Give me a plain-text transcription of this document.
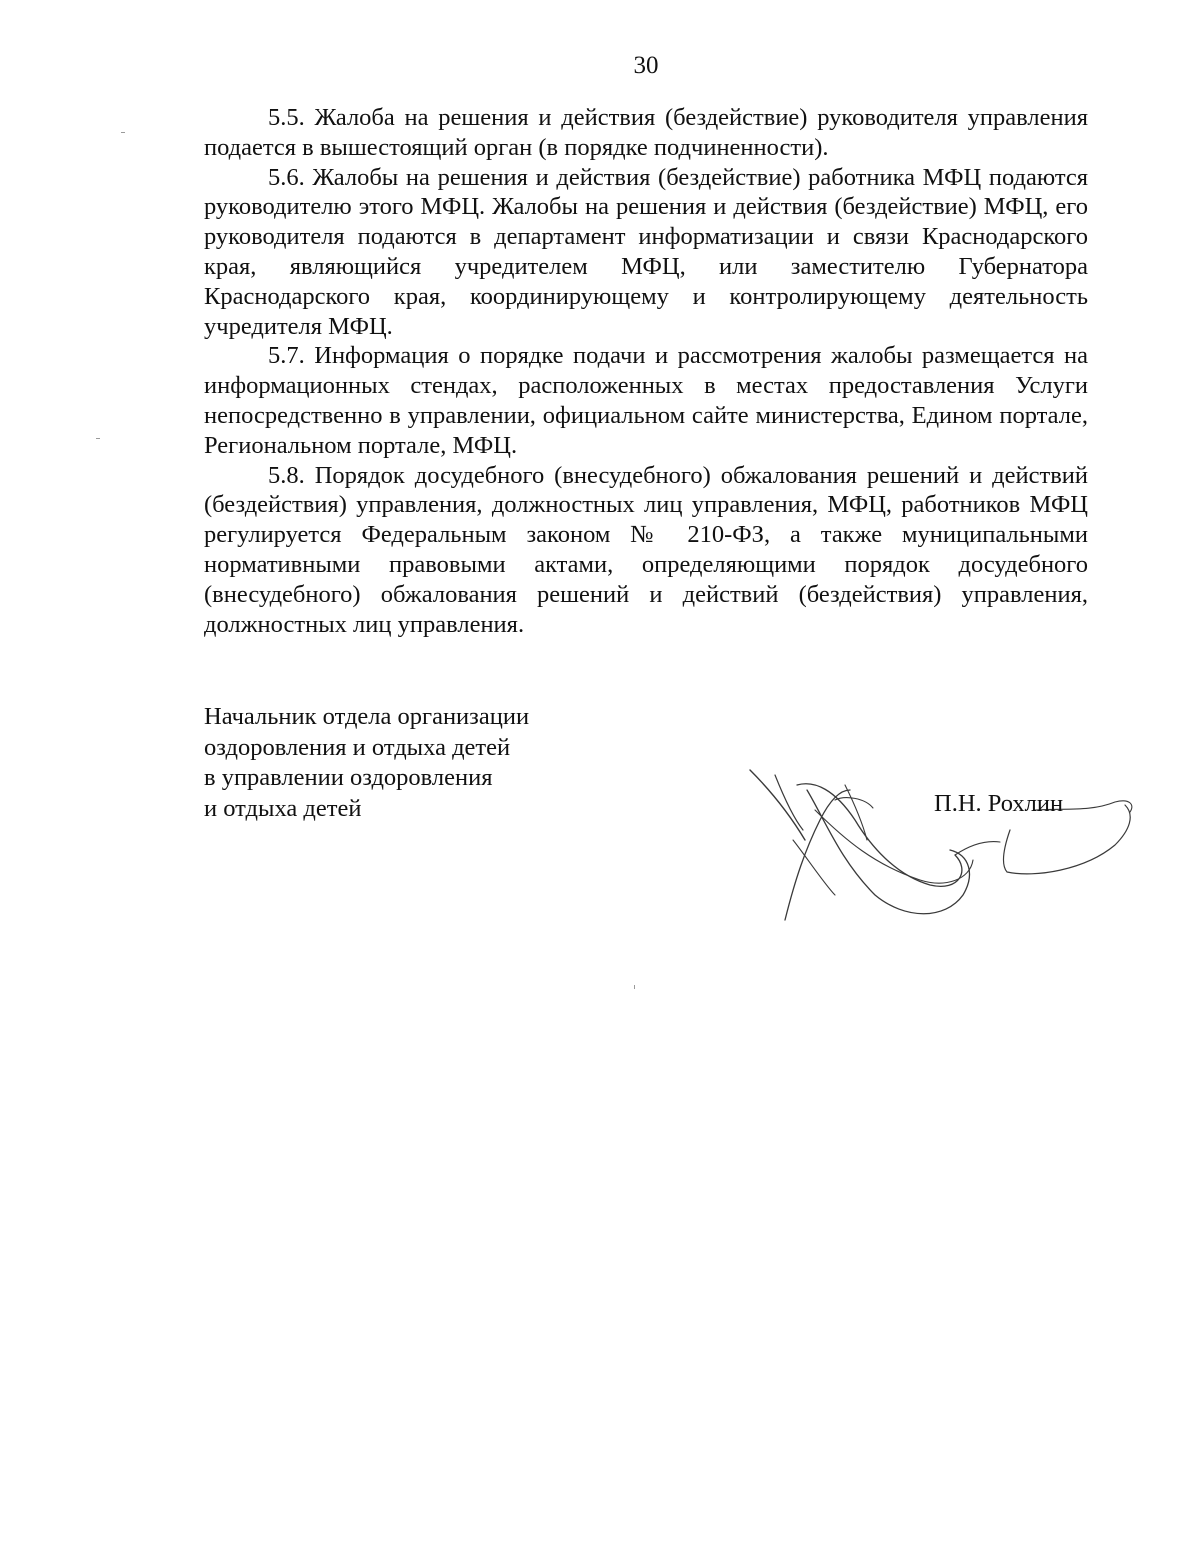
30

5.5. Жалоба на решения и действия (бездействие) руководителя управления подается в вышестоящий орган (в порядке подчиненности).

5.6. Жалобы на решения и действия (бездействие) работника МФЦ подаются руководителю этого МФЦ. Жалобы на решения и действия (бездействие) МФЦ, его руководителя подаются в департамент информатизации и связи Краснодарского края, являющийся учредителем МФЦ, или заместителю Губернатора Краснодарского края, координирующему и контролирующему деятельность учредителя МФЦ.

5.7. Информация о порядке подачи и рассмотрения жалобы размещается на информационных стендах, расположенных в местах предоставления Услуги непосредственно в управлении, официальном сайте министерства, Едином портале, Региональном портале, МФЦ.

5.8. Порядок досудебного (внесудебного) обжалования решений и действий (бездействия) управления, должностных лиц управления, МФЦ, работников МФЦ регулируется Федеральным законом № 210-ФЗ, а также муниципальными нормативными правовыми актами, определяющими порядок досудебного (внесудебного) обжалования решений и действий (бездействия) управления, должностных лиц управления.

Начальник отдела организации
оздоровления и отдыха детей
в управлении оздоровления
и отдыха детей	П.Н. Рохлин
